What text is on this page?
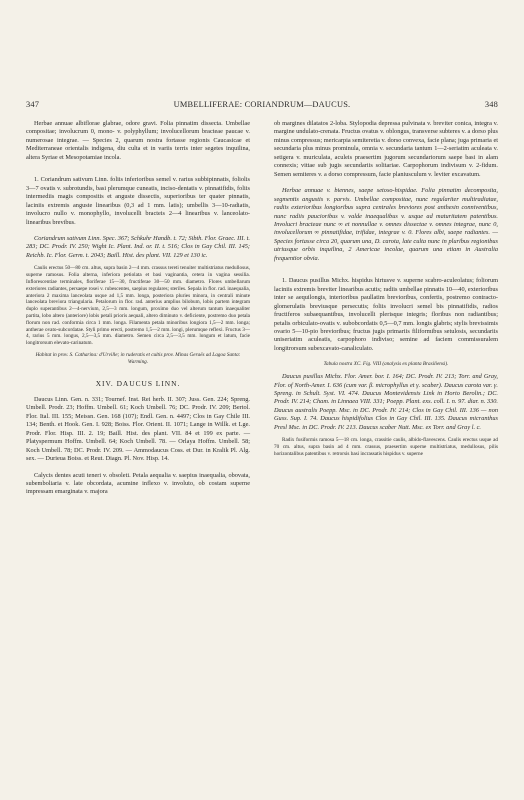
347	UMBELLIFERAE: CORIANDRUM—DAUCUS.	348

Herbae annuae albiflorae glabrae, odore gravi. Folia pinnatim dissecta. Umbellae compositae; involucrum 0, mono- v. polyphyllum; involucellorum bracteae paucae v. numerosae integrae. — Species 2, quarum nostra fortasse regionis Caucasicae et Mediterraneae orientalis indigena, diu culta et in variis terris inter segetes inquilina, altera Syriae et Mesopotamiae incola.

1. Coriandrum sativum Linn. foliis inferioribus semel v. rarius subbipinnatis, foliolis 3—7 ovatis v. subrotundis, basi plerumque cuneatis, inciso-dentatis v. pinnatifidis, foliis intermediis magis compositis et anguste dissectis, superioribus ter quater pinnatis, laciniis extremis anguste linearibus (0,3 ad 1 mm. latis); umbellis 3—10-radiatis, involucro nullo v. monophyllo, involucelli bracteis 2—4 linearibus v. lanceolato-linearibus brevibus.

Coriandrum sativum Linn. Spec. 367; Schkuhr Handb. t. 72; Sibth. Flor. Graec. III. t. 283; DC. Prodr. IV. 250; Wight Ic. Plant. Ind. or. II. t. 516; Clos in Gay Chil. III. 145; Reichb. Ic. Flor. Germ. t. 2043; Baill. Hist. des plant. VII. 129 et 130 ic.

Caulis erectus 50—80 cm. altus, supra basin 2—4 mm. crassus tereti tenuiter multistriatus medullosus, superne ramosus. Folia alterna, inferiora petiolata et basi vaginantia, cetera in vagina sessilia. Inflorescentiae terminales, floriferae 15—30, fructiferae 30—50 mm. diametro. Flores umbellarum exteriores radiantes, persaepe rosei v. rubescentes, saepius regulares; steriles. Sepala in flor. rad. inaequalia, anteriora 2 maxima lanceolata usque ad 1,5 mm. longa, posteriora pluries minora, in centrali minute lanceolata breviora triangularia. Petalorum in flor. rad. anterius amplius bilobum, lobis partem integram duplo superantibus 2—4-nervium, 2,5—3 mm. longum, proximo duo vel alterum tantum inaequaliter partita, lobo altero (anteriore) lobis petali prioris aequali, altero diminuto v. deficiente, postremo duo petala florum non rad. conformia circa 1 mm. longa. Filamenta petala minoribus longiora 1,5—2 mm. longa; antherae ovato-subcordatae. Styli primo erecti, postremo 1,5—2 mm. longi, plerumque reflexi. Fructus 3—4, rarius 5 mm. longus, 2,5—3,5 mm. diametro. Semen circa 2,5—3,5 mm. longum et latum, facie longitrorsum elevato-carinatum.

Habitat in prov. S. Catharina: d'Urville; in ruderatis et cultis prov. Minas Geraës ad Lagoa Santa: Warming.

XIV. DAUCUS LINN.

Daucus Linn. Gen. n. 331; Tournef. Inst. Rei herb. II. 307; Juss. Gen. 224; Spreng. Umbell. Prodr. 23; Hoffm. Umbell. 61; Koch Umbell. 76; DC. Prodr. IV. 209; Bertol. Flor. Ital. III. 155; Meissn. Gen. 168 (107); Endl. Gen. n. 4497; Clos in Gay Chile III. 134; Benth. et Hook. Gen. I. 928; Boiss. Flor. Orient. II. 1071; Lange in Willk. et Lge. Prodr. Flor. Hisp. III. 2. 19; Baill. Hist. des plant. VII. 84 et 199 ex parte. — Platyspermum Hoffm. Umbell. 64; Koch Umbell. 78. — Orlaya Hoffm. Umbell. 58; Koch Umbell. 78; DC. Prodr. IV. 209. — Ammodaucus Coss. et Dur. in Kralik Pl. Alg. sex. — Durieua Boiss. et Reut. Diagn. Pl. Nov. Hisp. 14.

Calycis dentes acuti teneri v. obsoleti. Petala aequalia v. saepius inaequalia, obovata, subemboliaria v. late obcordata, acumine inflexo v. involuto, ob costam superne impressam emarginata v. majora

ob margines dilatatos 2-loba. Stylopodia depressa pulvinata v. breviter conica, integra v. margine undulato-crenata. Fructus ovatus v. oblongus, transverse subteres v. a dorso plus minus compressus; mericarpia semiteretia v. dorso convexa, facie plana; juga primaria et secundaria plus minus prominula, omnia v. secundaria tantum 1—2-seriatim aculeata v. setigera v. muriculata, aculeis praesertim jugorum secundariorum saepe basi in alam connexis; vittae sub jugis secundariis solitariae. Carpophorum indivisum v. 2-fidum. Semen semiteres v. a dorso compressum, facie planiusculum v. leviter excavatum.

Herbae annuae v. biennes, saepe setoso-hispidae. Folia pinnatim decomposita, segmentis angustis v. parvis. Umbellae compositae, nunc regulariter multiradiatae, radiis exterioribus longioribus supra centrales breviores post anthesin conniventibus, nunc radiis paucioribus v. valde inaequalibus v. usque ad maturitatem patentibus. Involucri bracteae nunc ∞ et nonnullae v. omnes dissectae v. omnes integrae, nunc 0, involucellorum ∞ pinnatifidae, trifidae, integrae v. 0. Flores albi, saepe radiantes. — Species fortasse circa 20, quarum una, D. carota, late culta nunc in pluribus regionibus utriusque orbis inquilina, 2 Americae incolae, quarum una etiam in Australia frequentior obvia.

1. Daucus pusillus Michx. hispidus hirtusve v. superne scabro-aculeolatus; foliorum laciniis extremis breviter linearibus acutis; radiis umbellae pinnatis 10—40, exterioribus inter se aequilongis, interioribus paullatim brevioribus, confertis, postremo contracto-glomerulatis breviusque persecutis; foliis involucri semel bis pinnatifidis, radios fructiferos subaequantibus, involucelli plerisque integris; floribus non radiantibus; petalis orbiculato-ovatis v. subobcordatis 0,5—0,7 mm. longis glabris; stylis brevissimis ovario 5—10-pio brevioribus; fructus jugis primariis filiformibus setulosis, secundariis uniseriatim aculeatis, carpophoro indiviso; semine ad faciem commissuralem longitrorsum subexcavato-canaliculato.

Tabula nostra XC. Fig. VIII (analysis ex planta Brasiliensi).

Daucus pusillus Michx. Flor. Amer. bor. I. 164; DC. Prodr. IV. 213; Torr. and Gray, Flor. of North-Amer. I. 636 (cum var. β. microphyllus et γ. scaber). Daucus carota var. γ. Spreng. in Schult. Syst. VI. 474. Daucus Montevidensis Link in Horto Berolin.; DC. Prodr. IV. 214; Cham. in Linnaea VIII. 331; Poepp. Plant. exs. coll. I. n. 97. diar. n. 330. Daucus australis Poepp. Msc. in DC. Prodr. IV. 214; Clos in Gay Chil. III. 136 — non Guss. Sup. I. 74. Daucus hispidifolius Clos in Gay Chil. III. 135. Daucus micranthus Presl Msc. in DC. Prodr. IV. 213. Daucus scaber Nutt. Msc. ex Torr. and Gray l. c.

Radix fusiformis ramosa 5—18 cm. longa, crassitie caulis, albido-flavescens. Caulis erectus usque ad 70 cm. altus, supra basin ad 4 mm. crassus, praesertim superne multistriatus, medullosus, pilis horizontalibus patentibus v. retrorsis basi incrassatis hispidus v. superne
